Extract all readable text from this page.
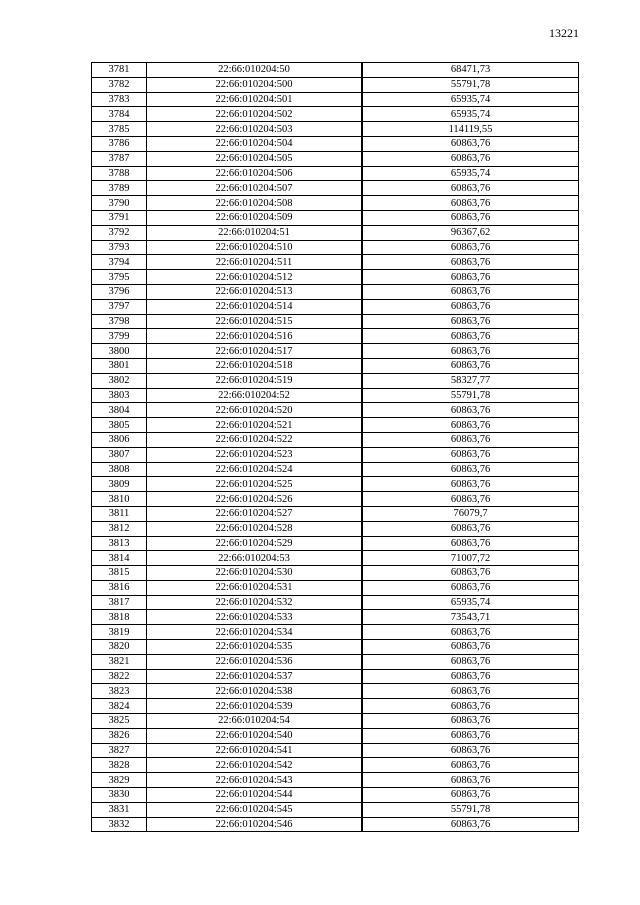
13221
3781	22:66:010204:50	68471,73
3782	22:66:010204:500	55791,78
3783	22:66:010204:501	65935,74
3784	22:66:010204:502	65935,74
3785	22:66:010204:503	114119,55
3786	22:66:010204:504	60863,76
3787	22:66:010204:505	60863,76
3788	22:66:010204:506	65935,74
3789	22:66:010204:507	60863,76
3790	22:66:010204:508	60863,76
3791	22:66:010204:509	60863,76
3792	22:66:010204:51	96367,62
3793	22:66:010204:510	60863,76
3794	22:66:010204:511	60863,76
3795	22:66:010204:512	60863,76
3796	22:66:010204:513	60863,76
3797	22:66:010204:514	60863,76
3798	22:66:010204:515	60863,76
3799	22:66:010204:516	60863,76
3800	22:66:010204:517	60863,76
3801	22:66:010204:518	60863,76
3802	22:66:010204:519	58327,77
3803	22:66:010204:52	55791,78
3804	22:66:010204:520	60863,76
3805	22:66:010204:521	60863,76
3806	22:66:010204:522	60863,76
3807	22:66:010204:523	60863,76
3808	22:66:010204:524	60863,76
3809	22:66:010204:525	60863,76
3810	22:66:010204:526	60863,76
3811	22:66:010204:527	76079,7
3812	22:66:010204:528	60863,76
3813	22:66:010204:529	60863,76
3814	22:66:010204:53	71007,72
3815	22:66:010204:530	60863,76
3816	22:66:010204:531	60863,76
3817	22:66:010204:532	65935,74
3818	22:66:010204:533	73543,71
3819	22:66:010204:534	60863,76
3820	22:66:010204:535	60863,76
3821	22:66:010204:536	60863,76
3822	22:66:010204:537	60863,76
3823	22:66:010204:538	60863,76
3824	22:66:010204:539	60863,76
3825	22:66:010204:54	60863,76
3826	22:66:010204:540	60863,76
3827	22:66:010204:541	60863,76
3828	22:66:010204:542	60863,76
3829	22:66:010204:543	60863,76
3830	22:66:010204:544	60863,76
3831	22:66:010204:545	55791,78
3832	22:66:010204:546	60863,76
